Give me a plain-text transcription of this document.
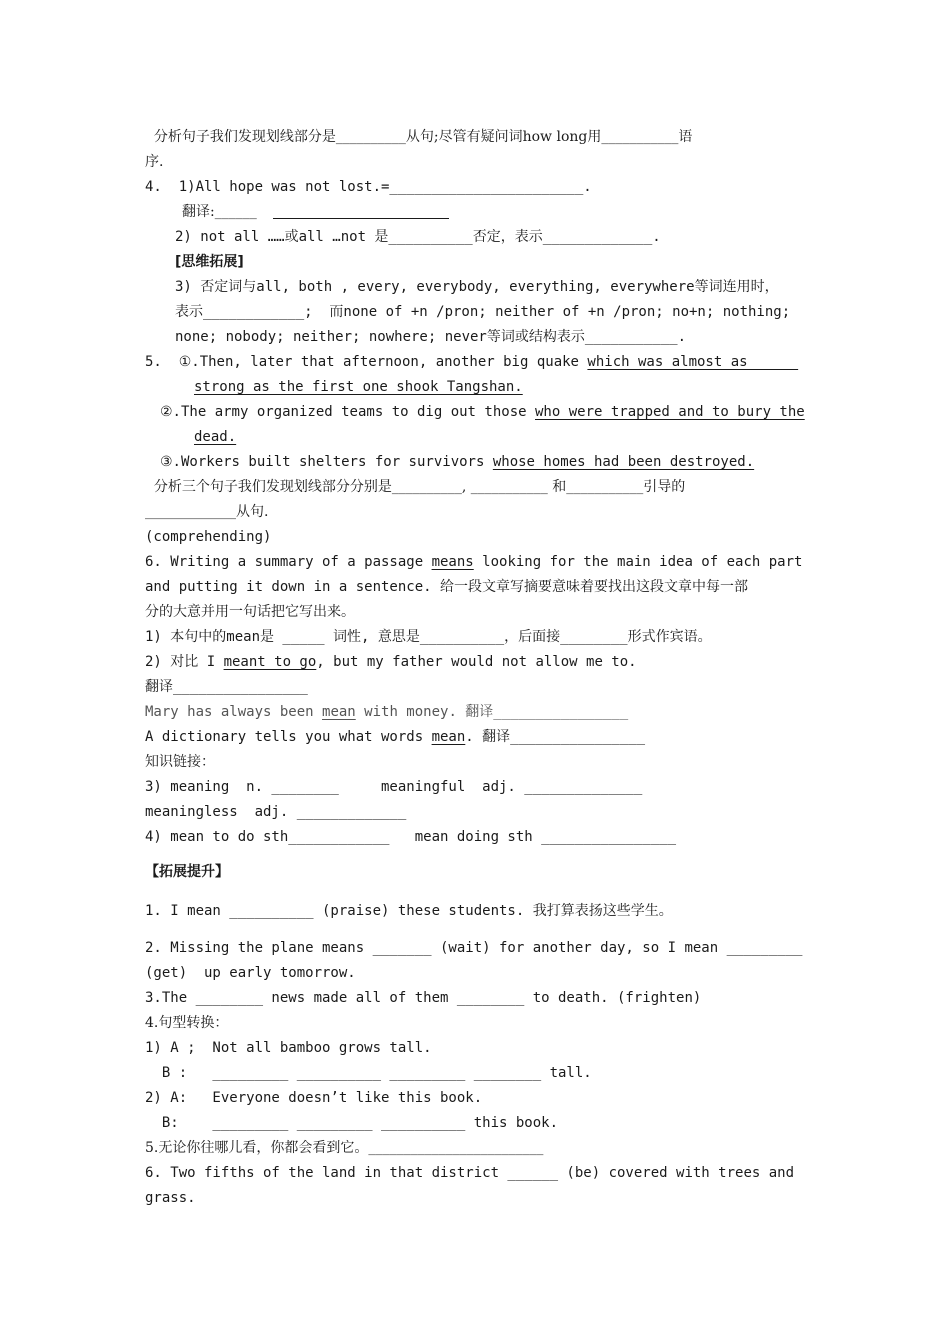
分析句子我们发现划线部分是__________从句;尽管有疑问词how long用___________语
序.
4.  1)All hope was not lost.=_______________________.
翻译:______
2) not all ……或all …not 是__________否定，表示_____________.
[思维拓展]
3) 否定词与all, both , every, everybody, everything, everywhere等词连用时，
表示____________;  而none of +n /pron; neither of +n /pron; no+n; nothing;
none; nobody; neither; nowhere; never等词或结构表示___________.
5.  ①.Then, later that afternoon, another big quake which was almost as
strong as the first one shook Tangshan.
②.The army organized teams to dig out those who were trapped and to bury the
dead.
③.Workers built shelters for survivors whose homes had been destroyed.
分析三个句子我们发现划线部分分别是__________, ___________ 和___________引导的
_____________从句.
(comprehending)
6. Writing a summary of a passage means looking for the main idea of each part
and putting it down in a sentence. 给一段文章写摘要意味着要找出这段文章中每一部
分的大意并用一句话把它写出来。
1) 本句中的mean是 _____ 词性, 意思是__________，后面接________形式作宾语。
2) 对比 I meant to go, but my father would not allow me to.
翻译________________
Mary has always been mean with money. 翻译________________
A dictionary tells you what words mean. 翻译________________
知识链接：
3) meaning  n. ________     meaningful  adj. ______________
meaningless  adj. _____________
4) mean to do sth____________   mean doing sth ________________
【拓展提升】
1. I mean __________ (praise) these students. 我打算表扬这些学生。
2. Missing the plane means _______ (wait) for another day, so I mean _________
(get)  up early tomorrow.
3.The ________ news made all of them ________ to death. (frighten)
4.句型转换：
1) A ;  Not all bamboo grows tall.
B :   _________ __________ _________ ________ tall.
2) A:   Everyone doesn’t like this book.
B:    _________ _________ __________ this book.
5.无论你往哪儿看，你都会看到它。_________________________
6. Two fifths of the land in that district ______ (be) covered with trees and
grass.
